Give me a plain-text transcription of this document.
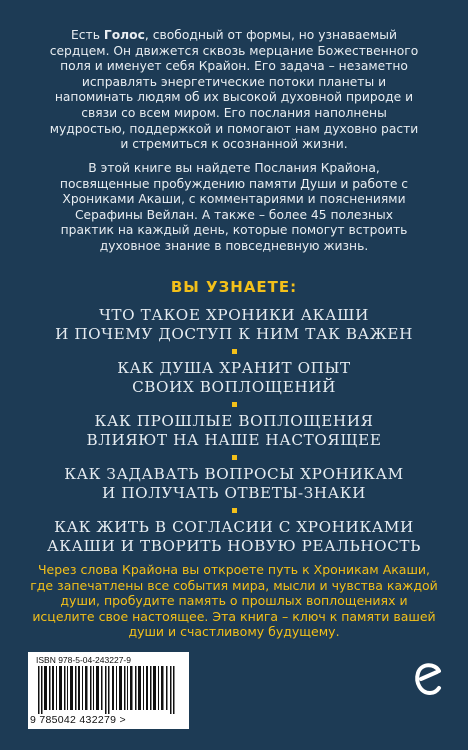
Есть Голос, свободный от формы, но узнаваемый сердцем. Он движется сквозь мерцание Божественного поля и именует себя Крайон. Его задача – незаметно исправлять энергетические потоки планеты и напоминать людям об их высокой духовной природе и связи со всем миром. Его послания наполнены мудростью, поддержкой и помогают нам духовно расти и стремиться к осознанной жизни.

В этой книге вы найдете Послания Крайона, посвященные пробуждению памяти Души и работе с Хрониками Акаши, с комментариями и пояснениями Серафины Вейлан. А также – более 45 полезных практик на каждый день, которые помогут встроить духовное знание в повседневную жизнь.

ВЫ УЗНАЕТЕ:

ЧТО ТАКОЕ ХРОНИКИ АКАШИ

И ПОЧЕМУ ДОСТУП К НИМ ТАК ВАЖЕН

КАК ДУША ХРАНИТ ОПЫТ

СВОИХ ВОПЛОЩЕНИЙ

КАК ПРОШЛЫЕ ВОПЛОЩЕНИЯ

ВЛИЯЮТ НА НАШЕ НАСТОЯЩЕЕ

КАК ЗАДАВАТЬ ВОПРОСЫ ХРОНИКАМ

И ПОЛУЧАТЬ ОТВЕТЫ-ЗНАКИ

КАК ЖИТЬ В СОГЛАСИИ С ХРОНИКАМИ

АКАШИ И ТВОРИТЬ НОВУЮ РЕАЛЬНОСТЬ

Через слова Крайона вы откроете путь к Хроникам Акаши, где запечатлены все события мира, мысли и чувства каждой души, пробудите память о прошлых воплощениях и исцелите свое настоящее. Эта книга – ключ к памяти вашей души и счастливому будущему.

ISBN 978-5-04-243227-9
9 785042 432279 >
